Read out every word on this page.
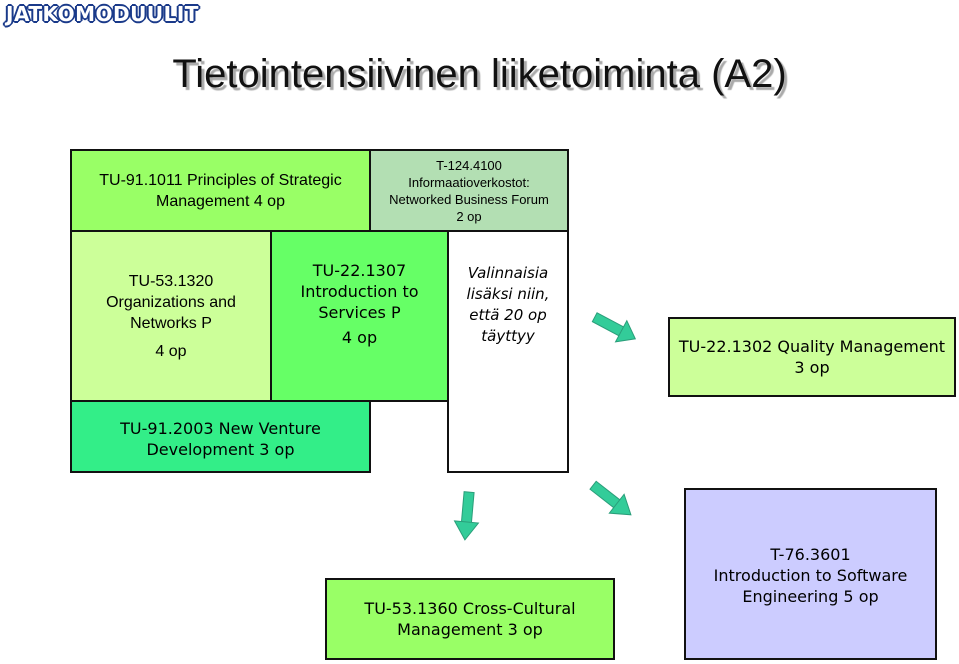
JATKOMODUULIT
Tietointensiivinen liiketoiminta (A2)
TU-91.1011 Principles of Strategic
Management 4 op
T-124.4100
Informaatioverkostot:
Networked Business Forum
2 op
TU-53.1320
Organizations and
Networks P
4 op
TU-22.1307
Introduction to
Services P
4 op
Valinnaisia
lisäksi niin,
että 20 op
täyttyy
TU-91.2003 New Venture
Development 3 op
TU-22.1302 Quality Management
3 op
TU-53.1360 Cross-Cultural
Management 3 op
T-76.3601
Introduction to Software
Engineering 5 op
